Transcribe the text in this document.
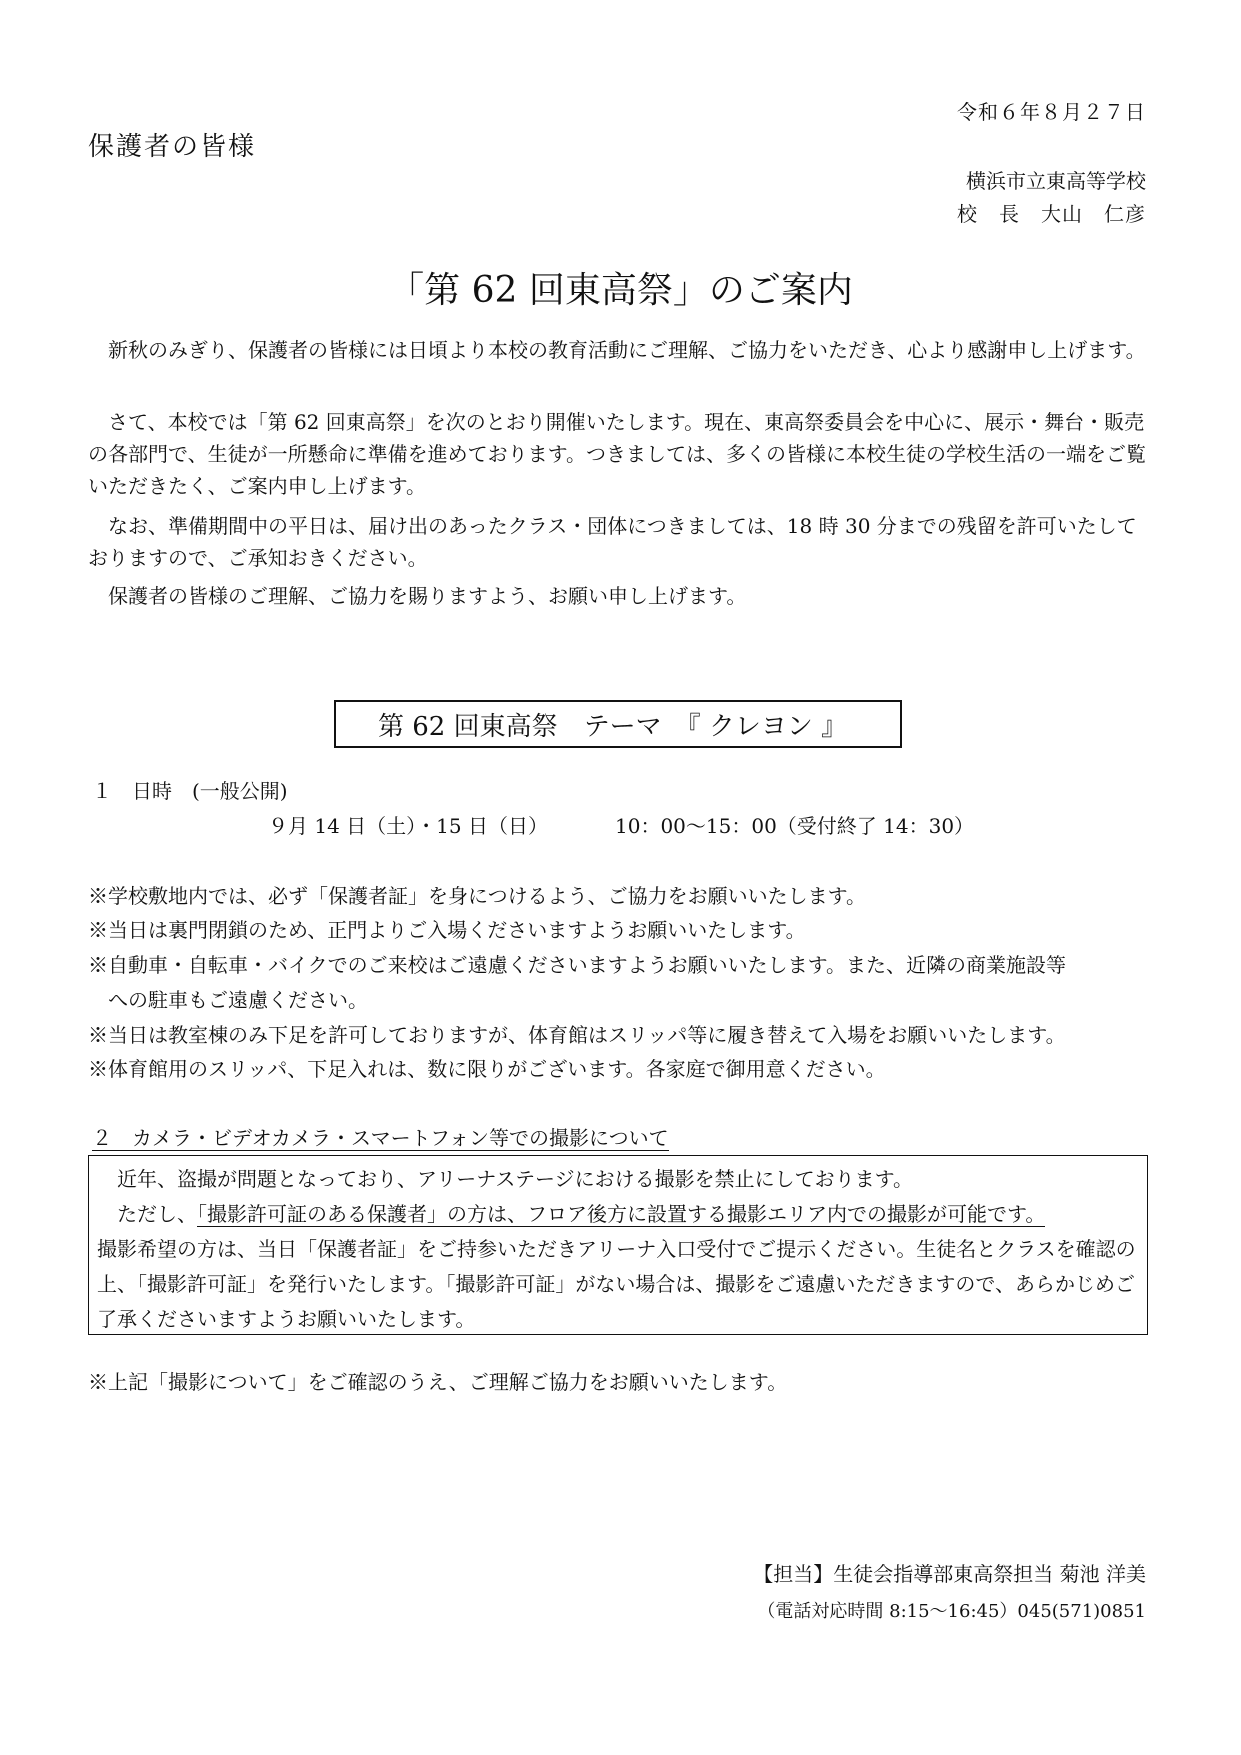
令和６年８月２７日
保護者の皆様
横浜市立東高等学校
校　長　大山　仁彦
「第 62 回東高祭」のご案内
新秋のみぎり、保護者の皆様には日頃より本校の教育活動にご理解、ご協力をいただき、心より感謝申し上げます。
さて、本校では「第 62 回東高祭」を次のとおり開催いたします。現在、東高祭委員会を中心に、展示・舞台・販売の各部門で、生徒が一所懸命に準備を進めております。つきましては、多くの皆様に本校生徒の学校生活の一端をご覧いただきたく、ご案内申し上げます。
なお、準備期間中の平日は、届け出のあったクラス・団体につきましては、18 時 30 分までの残留を許可いたしておりますので、ご承知おきください。
保護者の皆様のご理解、ご協力を賜りますよう、お願い申し上げます。
第 62 回東高祭　テーマ　『 クレヨン 』
１　日時　(一般公開)
９月 14 日（土）・15 日（日）	10：00～15：00（受付終了 14：30）
※学校敷地内では、必ず「保護者証」を身につけるよう、ご協力をお願いいたします。
※当日は裏門閉鎖のため、正門よりご入場くださいますようお願いいたします。
※自動車・自転車・バイクでのご来校はご遠慮くださいますようお願いいたします。また、近隣の商業施設等
への駐車もご遠慮ください。
※当日は教室棟のみ下足を許可しておりますが、体育館はスリッパ等に履き替えて入場をお願いいたします。
※体育館用のスリッパ、下足入れは、数に限りがございます。各家庭で御用意ください。
２　カメラ・ビデオカメラ・スマートフォン等での撮影について
近年、盗撮が問題となっており、アリーナステージにおける撮影を禁止にしております。
ただし、「撮影許可証のある保護者」の方は、フロア後方に設置する撮影エリア内での撮影が可能です。
撮影希望の方は、当日「保護者証」をご持参いただきアリーナ入口受付でご提示ください。生徒名とクラスを確認の上、「撮影許可証」を発行いたします。「撮影許可証」がない場合は、撮影をご遠慮いただきますので、あらかじめご了承くださいますようお願いいたします。
※上記「撮影について」をご確認のうえ、ご理解ご協力をお願いいたします。
【担当】生徒会指導部東高祭担当 菊池 洋美
（電話対応時間 8:15～16:45）045(571)0851
